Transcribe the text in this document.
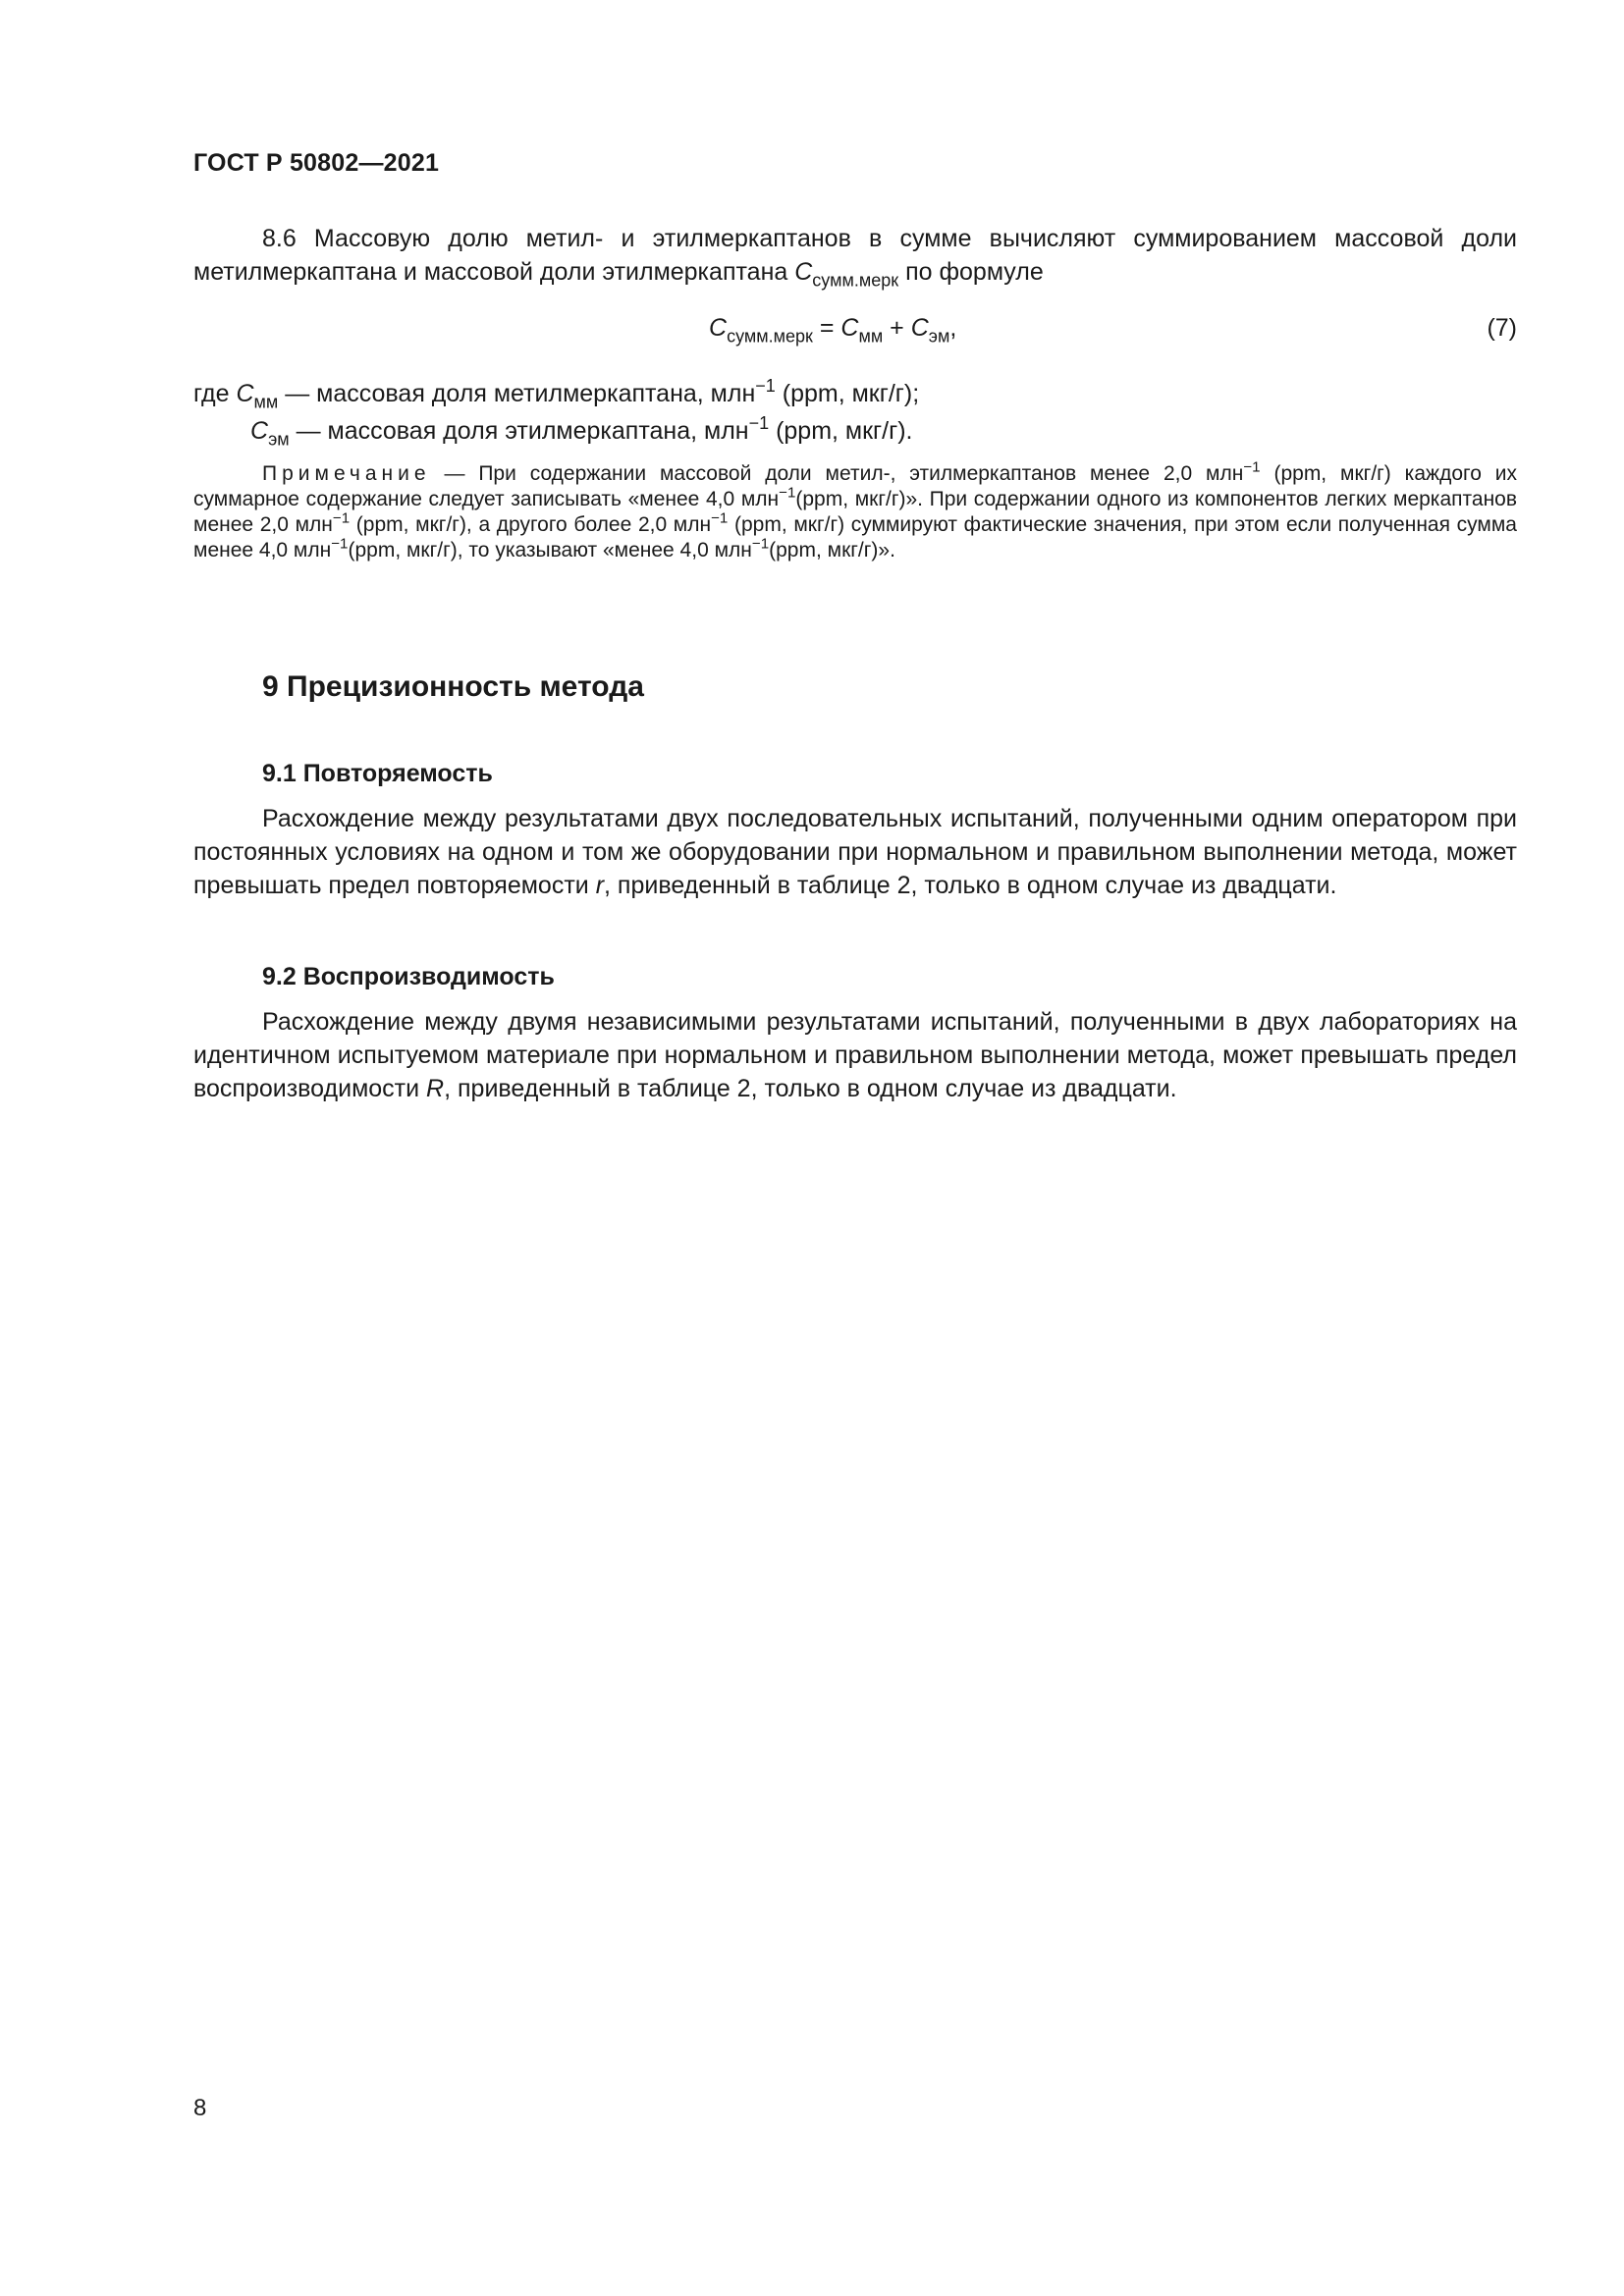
ГОСТ Р 50802—2021

8.6 Массовую долю метил- и этилмеркаптанов в сумме вычисляют суммированием массовой доли метилмеркаптана и массовой доли этилмеркаптана $C_{сумм.мерк}$ по формуле

$C_{сумм.мерк} = C_{мм} + C_{эм}$,	(7)
где $C_{мм}$ — массовая доля метилмеркаптана, млн$^{-1}$ (ppm, мкг/г);
$C_{эм}$ — массовая доля этилмеркаптана, млн$^{-1}$ (ppm, мкг/г).

Примечание — При содержании массовой доли метил-, этилмеркаптанов менее 2,0 млн$^{-1}$ (ppm, мкг/г) каждого их суммарное содержание следует записывать «менее 4,0 млн$^{-1}$(ppm, мкг/г)». При содержании одного из компонентов легких меркаптанов менее 2,0 млн$^{-1}$ (ppm, мкг/г), а другого более 2,0 млн$^{-1}$ (ppm, мкг/г) суммируют фактические значения, при этом если полученная сумма менее 4,0 млн$^{-1}$(ppm, мкг/г), то указывают «менее 4,0 млн$^{-1}$(ppm, мкг/г)».

9 Прецизионность метода
9.1 Повторяемость

Расхождение между результатами двух последовательных испытаний, полученными одним оператором при постоянных условиях на одном и том же оборудовании при нормальном и правильном выполнении метода, может превышать предел повторяемости r, приведенный в таблице 2, только в одном случае из двадцати.

9.2 Воспроизводимость

Расхождение между двумя независимыми результатами испытаний, полученными в двух лабораториях на идентичном испытуемом материале при нормальном и правильном выполнении метода, может превышать предел воспроизводимости R, приведенный в таблице 2, только в одном случае из двадцати.

8
